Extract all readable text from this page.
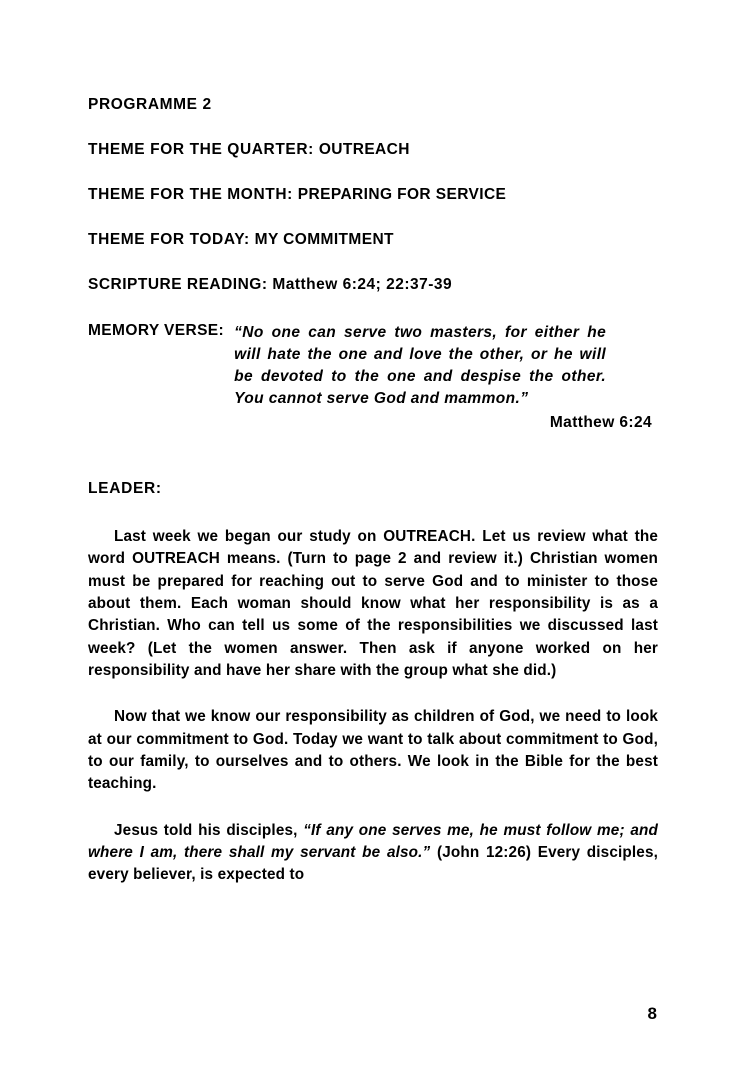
PROGRAMME 2
THEME FOR THE QUARTER: OUTREACH
THEME FOR THE MONTH: PREPARING FOR SERVICE
THEME FOR TODAY: MY COMMITMENT
SCRIPTURE READING: Matthew 6:24; 22:37-39
MEMORY VERSE: “No one can serve two masters, for either he will hate the one and love the other, or he will be devoted to the one and despise the other. You cannot serve God and mammon.”
Matthew 6:24
LEADER:
Last week we began our study on OUTREACH. Let us review what the word OUTREACH means. (Turn to page 2 and review it.) Christian women must be prepared for reaching out to serve God and to minister to those about them. Each woman should know what her responsibility is as a Christian. Who can tell us some of the responsibilities we discussed last week? (Let the women answer. Then ask if anyone worked on her responsibility and have her share with the group what she did.)
Now that we know our responsibility as children of God, we need to look at our commitment to God. Today we want to talk about commitment to God, to our family, to ourselves and to others. We look in the Bible for the best teaching.
Jesus told his disciples, “If any one serves me, he must follow me; and where I am, there shall my servant be also.” (John 12:26) Every disciples, every believer, is expected to
8
